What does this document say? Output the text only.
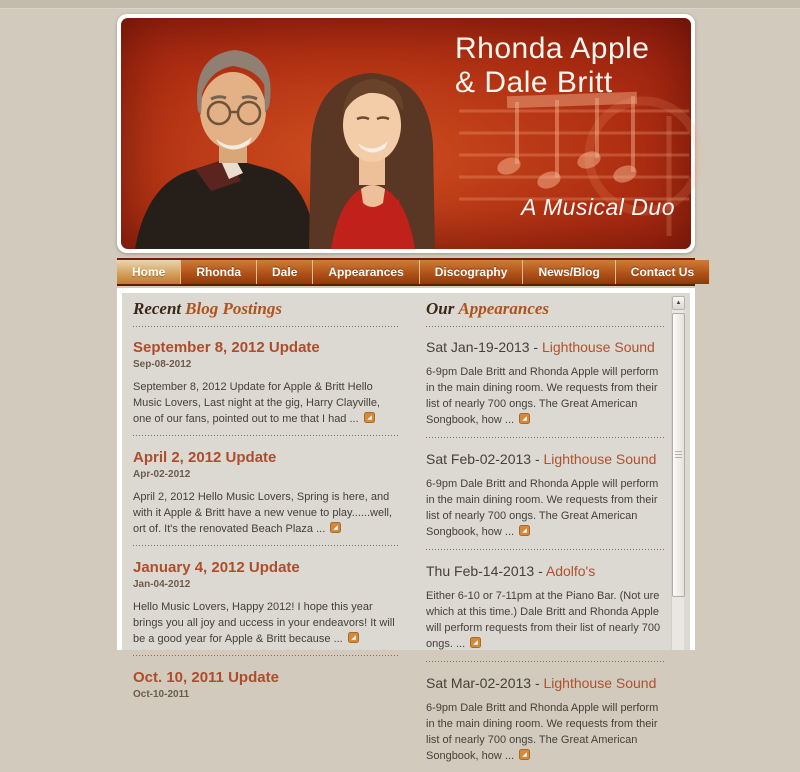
Rhonda Apple
& Dale Britt
A Musical Duo
Home	Rhonda	Dale	Appearances	Discography	News/Blog	Contact Us
Recent Blog Postings
September 8, 2012 Update
Sep-08-2012

September 8, 2012 Update for Apple & Britt Hello Music Lovers, Last night at the gig, Harry Clayville, one of our fans, pointed out to me that I had ...

April 2, 2012 Update
Apr-02-2012

April 2, 2012 Hello Music Lovers, Spring is here, and with it Apple & Britt have a new venue to play......well, ort of. It's the renovated Beach Plaza ...

January 4, 2012 Update
Jan-04-2012

Hello Music Lovers, Happy 2012! I hope this year brings you all joy and uccess in your endeavors! It will be a good year for Apple & Britt because ...

Oct. 10, 2011 Update
Oct-10-2011
Our Appearances
Sat Jan-19-2013 - Lighthouse Sound

6-9pm Dale Britt and Rhonda Apple will perform in the main dining room. We requests from their list of nearly 700 ongs. The Great American Songbook, how ...

Sat Feb-02-2013 - Lighthouse Sound

6-9pm Dale Britt and Rhonda Apple will perform in the main dining room. We requests from their list of nearly 700 ongs. The Great American Songbook, how ...

Thu Feb-14-2013 - Adolfo's

Either 6-10 or 7-11pm at the Piano Bar. (Not ure which at this time.) Dale Britt and Rhonda Apple will perform requests from their list of nearly 700 ongs. ...

Sat Mar-02-2013 - Lighthouse Sound

6-9pm Dale Britt and Rhonda Apple will perform in the main dining room. We requests from their list of nearly 700 ongs. The Great American Songbook, how ...

▲
